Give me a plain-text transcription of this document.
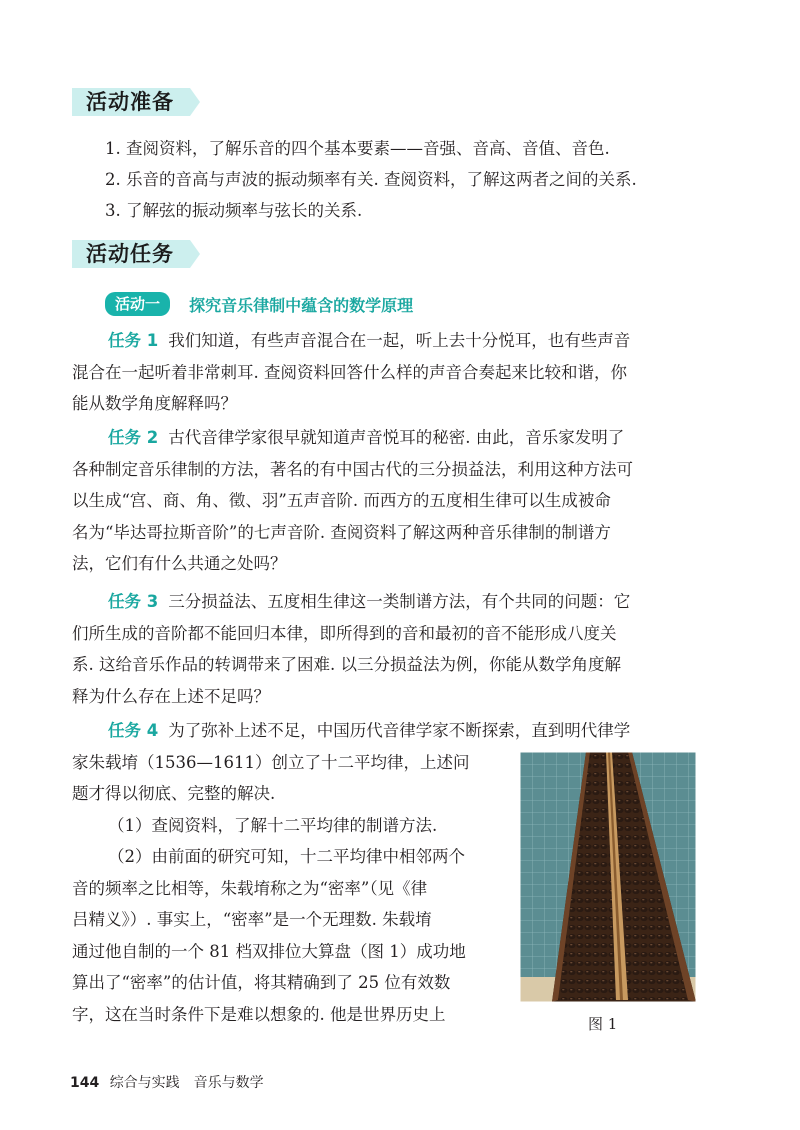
活动准备
1. 查阅资料，了解乐音的四个基本要素——音强、音高、音值、音色.
2. 乐音的音高与声波的振动频率有关. 查阅资料，了解这两者之间的关系.
3. 了解弦的振动频率与弦长的关系.
活动任务
活动一 探究音乐律制中蕴含的数学原理
任务 1 我们知道，有些声音混合在一起，听上去十分悦耳，也有些声音
混合在一起听着非常刺耳. 查阅资料回答什么样的声音合奏起来比较和谐，你
能从数学角度解释吗？
任务 2 古代音律学家很早就知道声音悦耳的秘密. 由此，音乐家发明了
各种制定音乐律制的方法，著名的有中国古代的三分损益法，利用这种方法可
以生成“宫、商、角、徵、羽”五声音阶. 而西方的五度相生律可以生成被命
名为“毕达哥拉斯音阶”的七声音阶. 查阅资料了解这两种音乐律制的制谱方
法，它们有什么共通之处吗？
任务 3 三分损益法、五度相生律这一类制谱方法，有个共同的问题：它
们所生成的音阶都不能回归本律，即所得到的音和最初的音不能形成八度关
系. 这给音乐作品的转调带来了困难. 以三分损益法为例，你能从数学角度解
释为什么存在上述不足吗？
任务 4 为了弥补上述不足，中国历代音律学家不断探索，直到明代律学
家朱载堉（1536—1611）创立了十二平均律，上述问
题才得以彻底、完整的解决.
（1）查阅资料，了解十二平均律的制谱方法.
（2）由前面的研究可知，十二平均律中相邻两个
音的频率之比相等，朱载堉称之为“密率”（见《律
吕精义》）. 事实上，“密率”是一个无理数. 朱载堉
通过他自制的一个 81 档双排位大算盘（图 1）成功地
算出了“密率”的估计值，将其精确到了 25 位有效数
字，这在当时条件下是难以想象的. 他是世界历史上
图 1
144 综合与实践　音乐与数学
